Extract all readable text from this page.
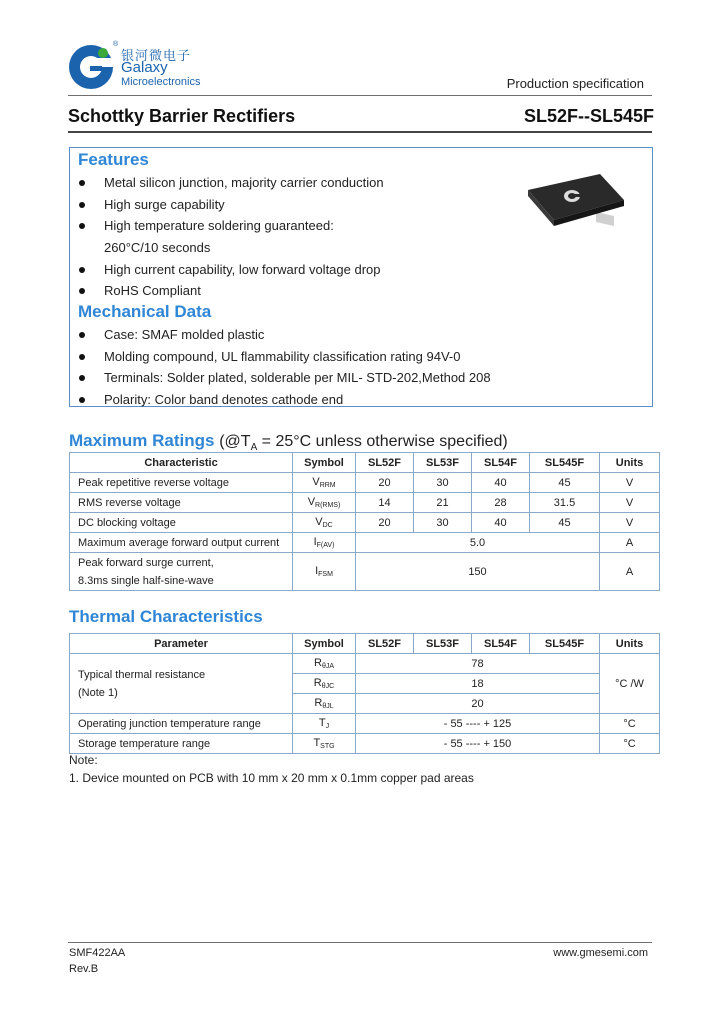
®
银河微电子
Galaxy
Microelectronics	Production specification
Schottky Barrier Rectifiers	SL52F--SL545F
Features
Metal silicon junction, majority carrier conduction
High surge capability
High temperature soldering guaranteed:
260°C/10 seconds
High current capability, low forward voltage drop
RoHS Compliant
Mechanical Data
Case: SMAF molded plastic
Molding compound, UL flammability classification rating 94V-0
Terminals: Solder plated, solderable per MIL- STD-202,Method 208
Polarity: Color band denotes cathode end
Maximum Ratings ($@T_A = 25^\circ C$ unless otherwise specified)
Characteristic	Symbol	SL52F	SL53F	SL54F	SL545F	Units
Peak repetitive reverse voltage	$V_{RRM}$	20	30	40	45	V
RMS reverse voltage	$V_{R(RMS)}$	14	21	28	31.5	V
DC blocking voltage	$V_{DC}$	20	30	40	45	V
Maximum average forward output current	$I_{F(AV)}$	5.0				A

Peak forward surge current,
8.3ms single half-sine-wave	$I_{FSM}$	150				A
Thermal Characteristics
Parameter	Symbol	SL52F	SL53F	SL54F	SL545F	Units

Typical thermal resistance
(Note 1)	$R_{\theta JA}$	78				°C /W
	$R_{\theta JC}$	18				
	$R_{\theta JL}$	20				
Operating junction temperature range	$T_J$	- 55 ---- + 125				°C
Storage temperature range	$T_{STG}$	- 55 ---- + 150				°C
Note:
1. Device mounted on PCB with 10 mm x 20 mm x 0.1mm copper pad areas
SMF422AA
Rev.B
www.gmesemi.com
